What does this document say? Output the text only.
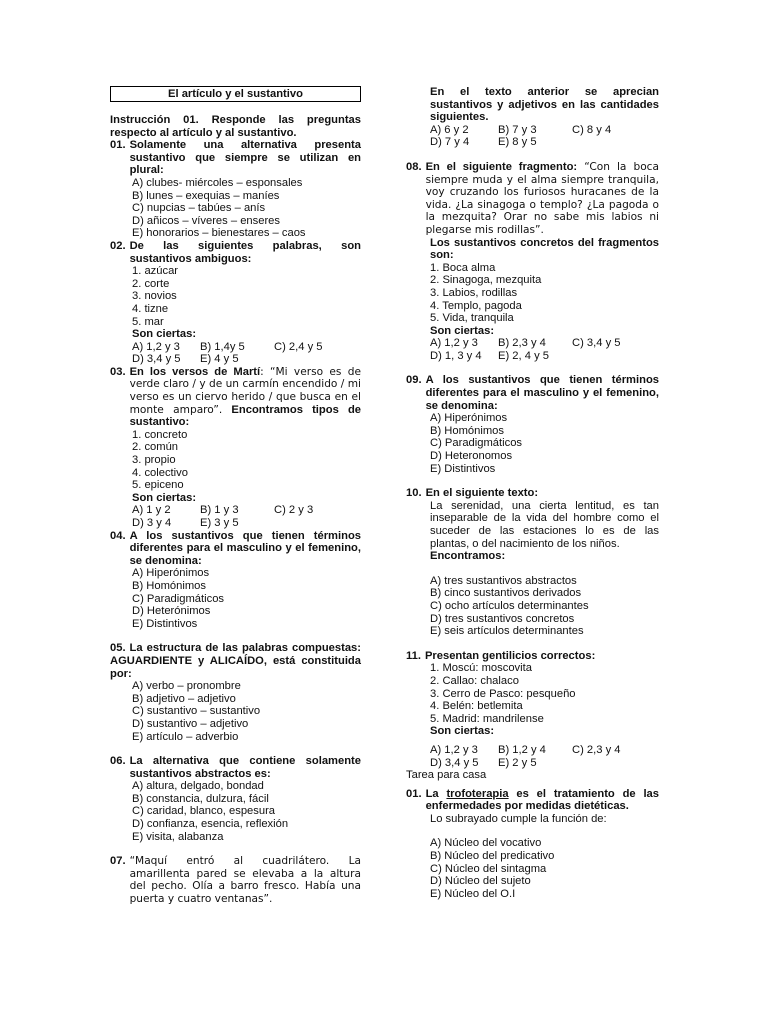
El artículo y el sustantivo
Instrucción 01. Responde las preguntas respecto al artículo y al sustantivo.
01. Solamente una alternativa presenta sustantivo que siempre se utilizan en plural:
A) clubes- miércoles – esponsales
B) lunes – exequias – maníes
C) nupcias – tabúes – anís
D) añicos – víveres – enseres
E) honorarios – bienestares – caos
02. De las siguientes palabras, son sustantivos ambiguos:
1. azúcar
2. corte
3. novios
4. tizne
5. mar
Son ciertas:
A) 1,2 y 3	B) 1,4y 5	C) 2,4 y 5
D) 3,4 y 5	E) 4 y 5
03. En los versos de Martí: “Mi verso es de verde claro / y de un carmín encendido / mi verso es un ciervo herido / que busca en el monte amparo”. Encontramos tipos de sustantivo:
1. concreto
2. común
3. propio
4. colectivo
5. epiceno
Son ciertas:
A) 1 y 2	B) 1 y 3	C) 2 y 3
D) 3 y 4	E) 3 y 5
04. A los sustantivos que tienen términos diferentes para el masculino y el femenino, se denomina:
A) Hiperónimos
B) Homónimos
C) Paradigmáticos
D) Heterónimos
E) Distintivos
05. La estructura de las palabras compuestas: AGUARDIENTE y ALICAÍDO, está constituida por:
A) verbo – pronombre
B) adjetivo – adjetivo
C) sustantivo – sustantivo
D) sustantivo – adjetivo
E) artículo – adverbio
06. La alternativa que contiene solamente sustantivos abstractos es:
A) altura, delgado, bondad
B) constancia, dulzura, fácil
C) caridad, blanco, espesura
D) confianza, esencia, reflexión
E) visita, alabanza
07. “Maquí entró al cuadrilátero. La amarillenta pared se elevaba a la altura del pecho. Olía a barro fresco. Había una puerta y cuatro ventanas”.
En el texto anterior se aprecian sustantivos y adjetivos en las cantidades siguientes.
A) 6 y 2	B) 7 y 3	C) 8 y 4
D) 7 y 4	E) 8 y 5
08. En el siguiente fragmento: “Con la boca siempre muda y el alma siempre tranquila, voy cruzando los furiosos huracanes de la vida. ¿La sinagoga o templo? ¿La pagoda o la mezquita? Orar no sabe mis labios ni plegarse mis rodillas”.
Los sustantivos concretos del fragmentos son:
1. Boca alma
2. Sinagoga, mezquita
3. Labios, rodillas
4. Templo, pagoda
5. Vida, tranquila
Son ciertas:
A) 1,2 y 3	B) 2,3 y 4	C) 3,4 y 5
D) 1, 3 y 4	E) 2, 4 y 5
09. A los sustantivos que tienen términos diferentes para el masculino y el femenino, se denomina:
A) Hiperónimos
B) Homónimos
C) Paradigmáticos
D) Heteronomos
E) Distintivos
10. En el siguiente texto:
La serenidad, una cierta lentitud, es tan inseparable de la vida del hombre como el suceder de las estaciones lo es de las plantas, o del nacimiento de los niños.
Encontramos:
A) tres sustantivos abstractos
B) cinco sustantivos derivados
C) ocho artículos determinantes
D) tres sustantivos concretos
E) seis artículos determinantes
11. Presentan gentilicios correctos:
1. Moscú: moscovita
2. Callao: chalaco
3. Cerro de Pasco: pesqueño
4. Belén: betlemita
5. Madrid: mandrilense
Son ciertas:
A) 1,2 y 3	B) 1,2 y 4	C) 2,3 y 4
D) 3,4 y 5	E) 2 y 5
Tarea para casa
01. La trofoterapia es el tratamiento de las enfermedades por medidas dietéticas.
Lo subrayado cumple la función de:
A) Núcleo del vocativo
B) Núcleo del predicativo
C) Núcleo del sintagma
D) Núcleo del sujeto
E) Núcleo del O.I
